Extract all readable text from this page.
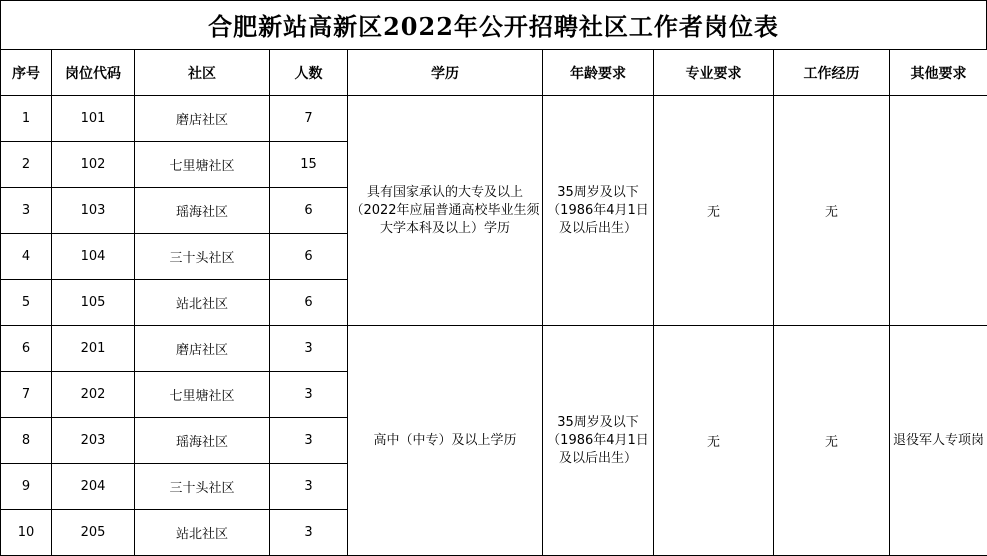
合肥新站高新区2022年公开招聘社区工作者岗位表
序号	岗位代码	社区	人数	学历	年龄要求	专业要求	工作经历	其他要求
1	101	磨店社区	7	具有国家承认的大专及以上（2022年应届普通高校毕业生须大学本科及以上）学历	35周岁及以下（1986年4月1日及以后出生）	无	无	
2	102	七里塘社区	15					
3	103	瑶海社区	6					
4	104	三十头社区	6					
5	105	站北社区	6					
6	201	磨店社区	3	高中（中专）及以上学历	35周岁及以下（1986年4月1日及以后出生）	无	无	退役军人专项岗
7	202	七里塘社区	3					
8	203	瑶海社区	3					
9	204	三十头社区	3					
10	205	站北社区	3					
